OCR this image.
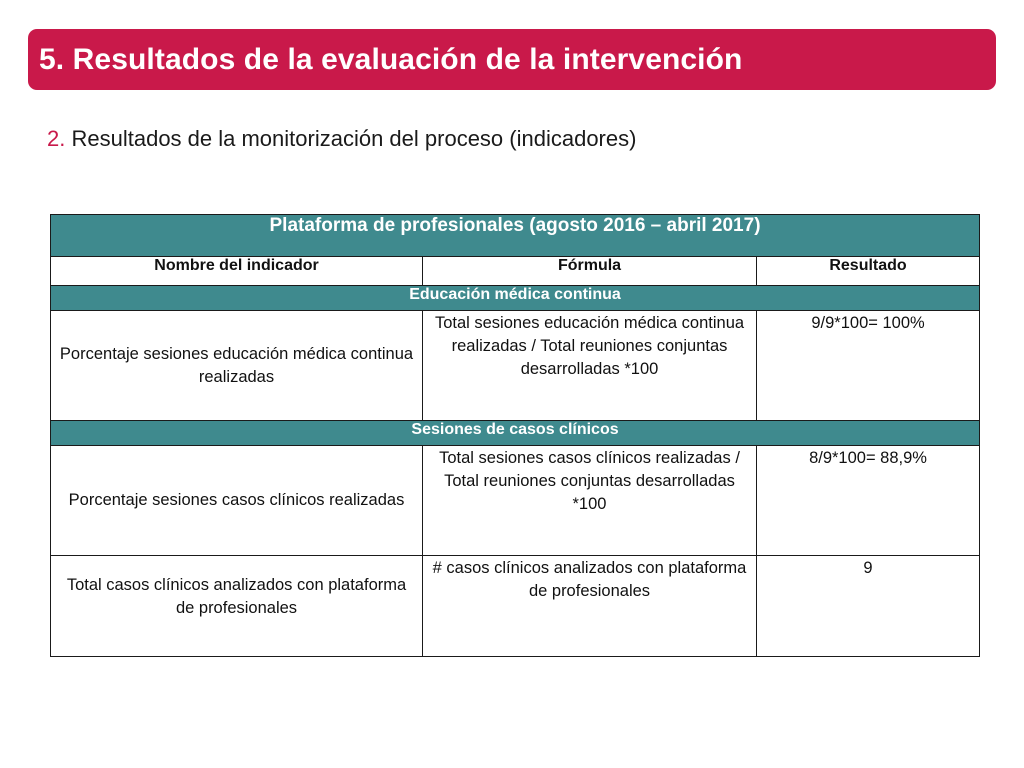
5. Resultados de la evaluación de la intervención
2. Resultados de la monitorización del proceso (indicadores)
Plataforma de profesionales (agosto 2016 – abril 2017)		
Nombre del indicador	Fórmula	Resultado
Educación médica continua		
Porcentaje sesiones educación médica continua realizadas	Total sesiones educación médica continua realizadas / Total reuniones conjuntas desarrolladas *100	9/9*100= 100%
Sesiones de casos clínicos		
Porcentaje sesiones casos clínicos realizadas	Total sesiones casos clínicos realizadas / Total reuniones conjuntas desarrolladas *100	8/9*100= 88,9%
Total casos clínicos analizados con plataforma de profesionales	# casos clínicos analizados con plataforma de profesionales	9
